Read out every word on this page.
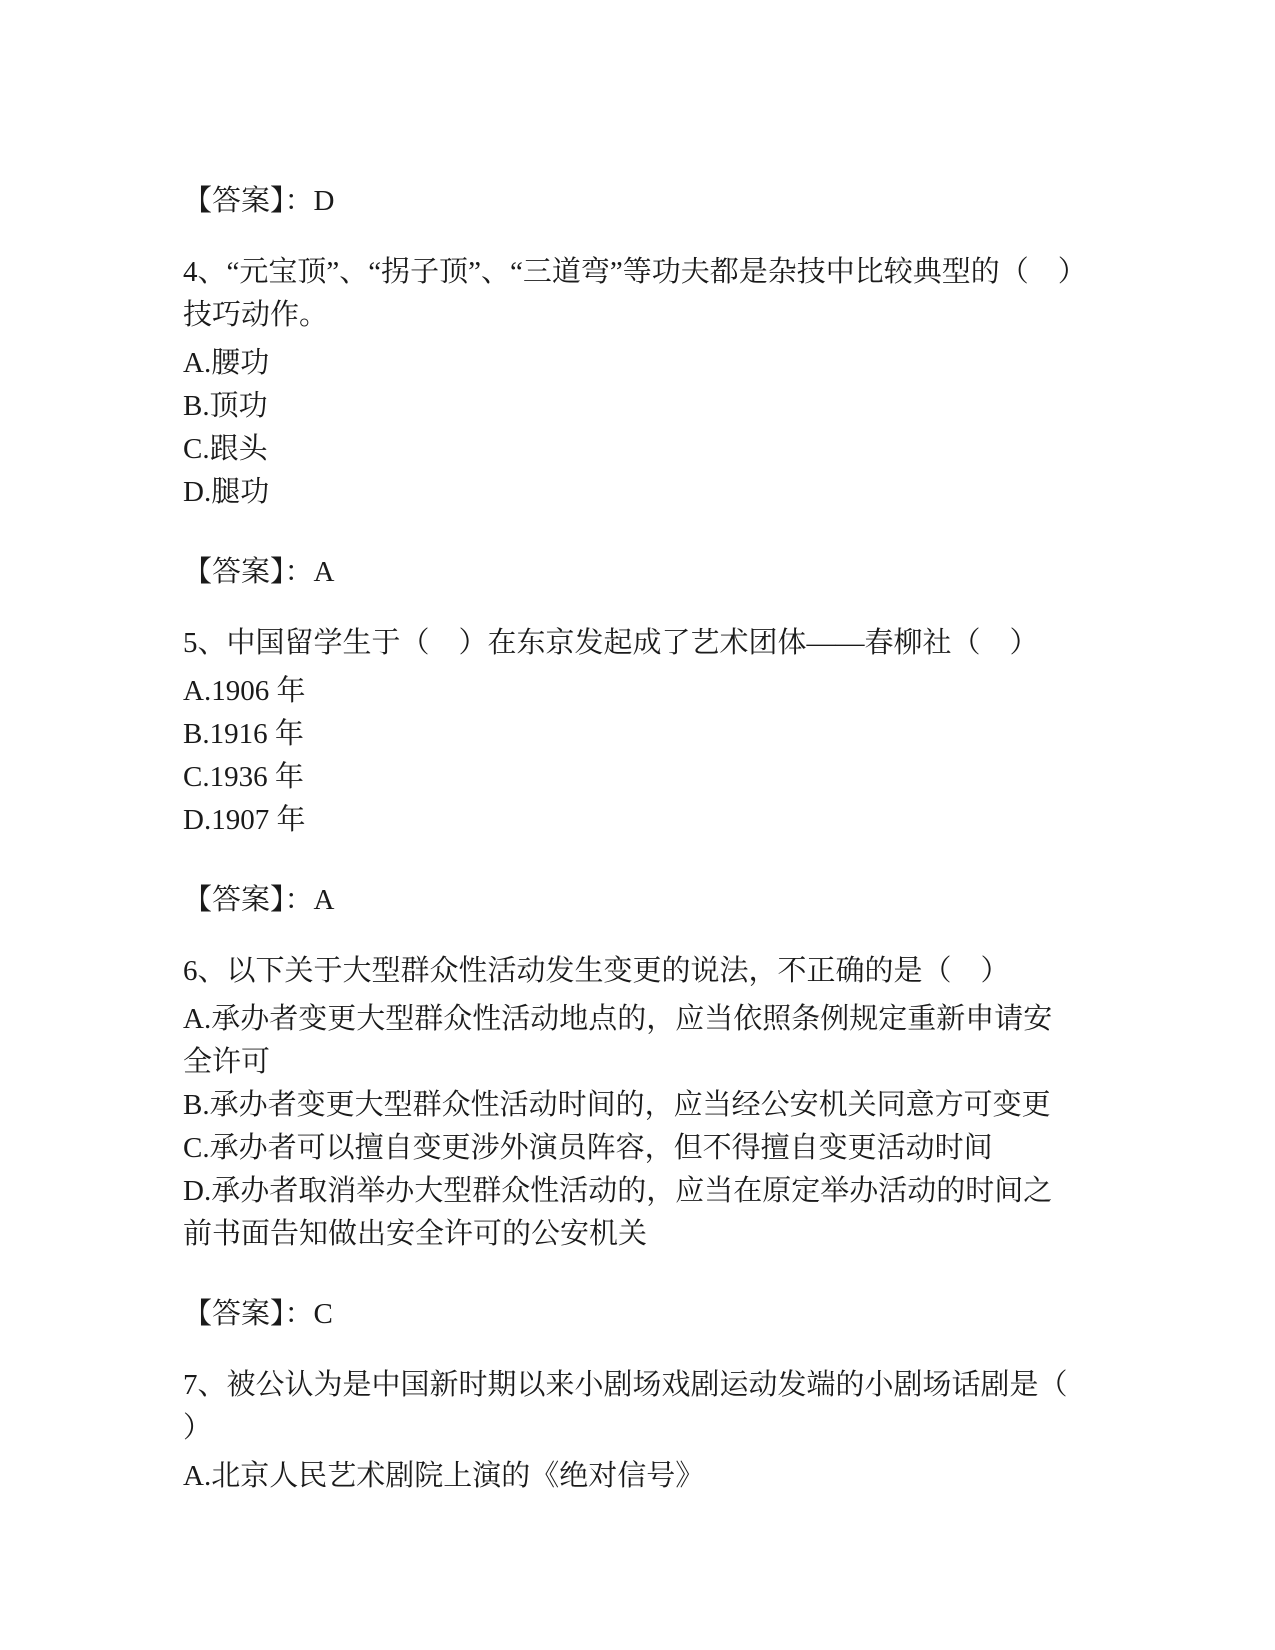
【答案】：D
4、“元宝顶”、“拐子顶”、“三道弯”等功夫都是杂技中比较典型的（　）技巧动作。
A.腰功
B.顶功
C.跟头
D.腿功
【答案】：A
5、中国留学生于（　）在东京发起成了艺术团体——春柳社（　）
A.1906 年
B.1916 年
C.1936 年
D.1907 年
【答案】：A
6、以下关于大型群众性活动发生变更的说法，不正确的是（　）
A.承办者变更大型群众性活动地点的，应当依照条例规定重新申请安全许可
B.承办者变更大型群众性活动时间的，应当经公安机关同意方可变更
C.承办者可以擅自变更涉外演员阵容，但不得擅自变更活动时间
D.承办者取消举办大型群众性活动的，应当在原定举办活动的时间之前书面告知做出安全许可的公安机关
【答案】：C
7、被公认为是中国新时期以来小剧场戏剧运动发端的小剧场话剧是（ ）
A.北京人民艺术剧院上演的《绝对信号》
